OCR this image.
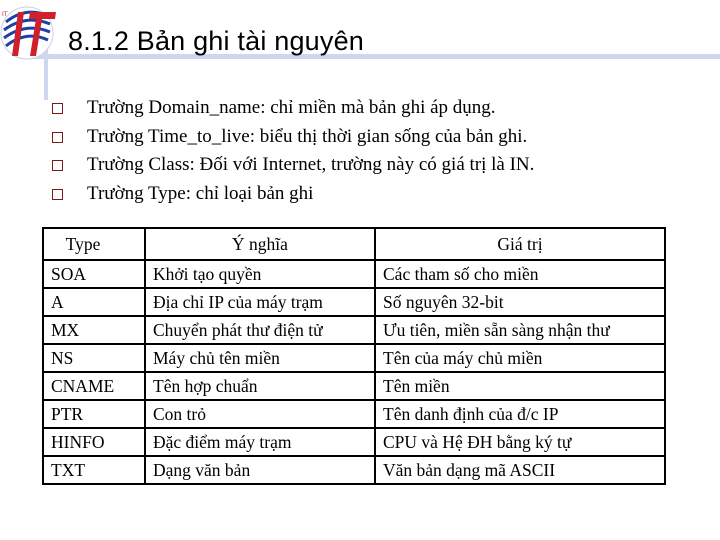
IT
8.1.2 Bản ghi tài nguyên
Trường Domain_name: chỉ miền mà bản ghi áp dụng.
Trường Time_to_live: biểu thị thời gian sống của bản ghi.
Trường Class: Đối với Internet, trường này có giá trị là IN.
Trường Type: chỉ loại bản ghi
Type	Ý nghĩa	Giá trị
SOA	Khởi tạo quyền	Các tham số cho miền
A	Địa chỉ IP của máy trạm	Số nguyên 32-bit
MX	Chuyển phát thư điện tử	Ưu tiên, miền sẵn sàng nhận thư
NS	Máy chủ tên miền	Tên của máy chủ miền
CNAME	Tên hợp chuẩn	Tên miền
PTR	Con trỏ	Tên danh định của đ/c IP
HINFO	Đặc điểm máy trạm	CPU và Hệ ĐH bằng ký tự
TXT	Dạng văn bản	Văn bản dạng mã ASCII
